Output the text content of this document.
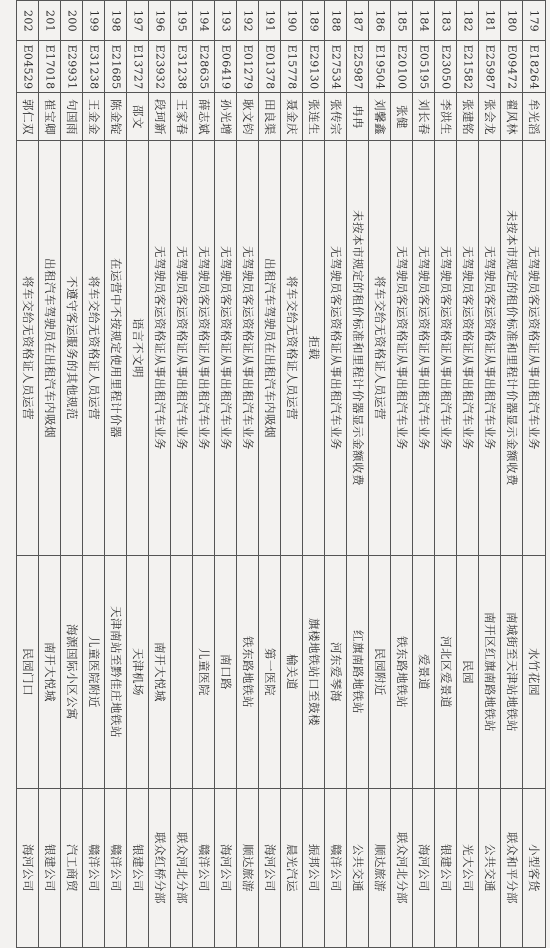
179
E18264
牟光滔
无驾驶员客运资格证从事出租汽车业务
水竹花园
小型客货
180
E09472
翟风林
未按本市规定的租价标准和里程计价器显示金额收费
南城街至天津站地铁站
联众和平分部
181
E25987
张会龙
无驾驶员客运资格证从事出租汽车业务
南开区红旗南路地铁站
公共交通
182
E21582
张建铭
无驾驶员客运资格证从事出租汽车业务
民园
光大公司
183
E23050
李洪生
无驾驶员客运资格证从事出租汽车业务
河北区爱景道
银建公司
184
E05195
刘长春
无驾驶员客运资格证从事出租汽车业务
爱景道
海河公司
185
E20100
张健
无驾驶员客运资格证从事出租汽车业务
铁东路地铁站
联众河北分部
186
E19504
刘馨鑫
将车交给无资格证人员运营
民园附近
顺达旅游
187
E25987
冉冉
未按本市规定的租价标准和里程计价器显示金额收费
红旗南路地铁站
公共交通
188
E27534
张传宗
无驾驶员客运资格证从事出租汽车业务
河东爱琴海
赣洋公司
189
E29130
张连生
拒载
旗楼地铁站口至鼓楼
振邦公司
190
E15778
聂金庆
将车交给无资格证人员运营
榆关道
晨光汽运
191
E01378
田良渠
出租汽车驾驶员在出租汽车内吸烟
第一医院
海河公司
192
E01279
耿文钧
无驾驶员客运资格证从事出租汽车业务
铁东路地铁站
顺达旅游
193
E06419
孙光增
无驾驶员客运资格证从事出租汽车业务
南口路
海河公司
194
E28635
薛志斌
无驾驶员客运资格证从事出租汽车业务
儿童医院
赣洋公司
195
E31238
王家春
无驾驶员客运资格证从事出租汽车业务
联众河北分部
196
E23932
段珂新
无驾驶员客运资格证从事出租汽车业务
南开大悦城
联众红桥分部
197
E13727
邵文
语言不文明
天津机场
银建公司
198
E21685
陈金锭
在运营中不按规定使用里程计价器
天津南站至黔佳庄地铁站
赣洋公司
199
E31238
王金金
将车交给无资格证人员运营
儿童医院附近
赣洋公司
200
E29931
句国雨
不遵守客运服务的其他规范
海源国际小区公寓
汽工商贸
201
E17018
崔宝卿
出租汽车驾驶员在出租汽车内吸烟
南开大悦城
银建公司
202
E04529
郭仁双
将车交给无资格证人员运营
民园门口
海河公司
